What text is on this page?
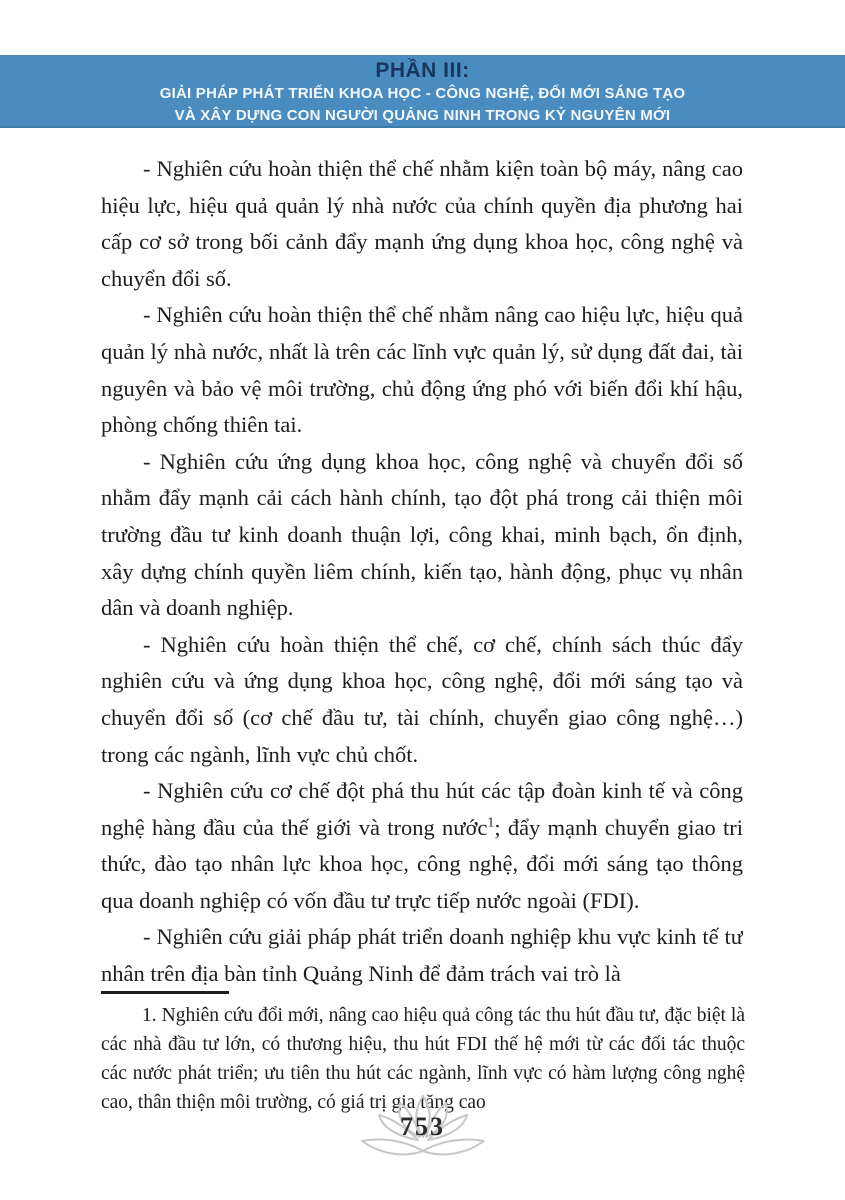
PHẦN III:
GIẢI PHÁP PHÁT TRIỂN KHOA HỌC - CÔNG NGHỆ, ĐỔI MỚI SÁNG TẠO
VÀ XÂY DỰNG CON NGƯỜI QUẢNG NINH TRONG KỶ NGUYÊN MỚI

- Nghiên cứu hoàn thiện thể chế nhằm kiện toàn bộ máy, nâng cao hiệu lực, hiệu quả quản lý nhà nước của chính quyền địa phương hai cấp cơ sở trong bối cảnh đẩy mạnh ứng dụng khoa học, công nghệ và chuyển đổi số.

- Nghiên cứu hoàn thiện thể chế nhằm nâng cao hiệu lực, hiệu quả quản lý nhà nước, nhất là trên các lĩnh vực quản lý, sử dụng đất đai, tài nguyên và bảo vệ môi trường, chủ động ứng phó với biến đổi khí hậu, phòng chống thiên tai.

- Nghiên cứu ứng dụng khoa học, công nghệ và chuyển đổi số nhằm đẩy mạnh cải cách hành chính, tạo đột phá trong cải thiện môi trường đầu tư kinh doanh thuận lợi, công khai, minh bạch, ổn định, xây dựng chính quyền liêm chính, kiến tạo, hành động, phục vụ nhân dân và doanh nghiệp.

- Nghiên cứu hoàn thiện thể chế, cơ chế, chính sách thúc đẩy nghiên cứu và ứng dụng khoa học, công nghệ, đổi mới sáng tạo và chuyển đổi số (cơ chế đầu tư, tài chính, chuyển giao công nghệ…) trong các ngành, lĩnh vực chủ chốt.

- Nghiên cứu cơ chế đột phá thu hút các tập đoàn kinh tế và công nghệ hàng đầu của thế giới và trong nước$^1$; đẩy mạnh chuyển giao tri thức, đào tạo nhân lực khoa học, công nghệ, đổi mới sáng tạo thông qua doanh nghiệp có vốn đầu tư trực tiếp nước ngoài (FDI).

- Nghiên cứu giải pháp phát triển doanh nghiệp khu vực kinh tế tư nhân trên địa bàn tỉnh Quảng Ninh để đảm trách vai trò là

1. Nghiên cứu đổi mới, nâng cao hiệu quả công tác thu hút đầu tư, đặc biệt là các nhà đầu tư lớn, có thương hiệu, thu hút FDI thế hệ mới từ các đối tác thuộc các nước phát triển; ưu tiên thu hút các ngành, lĩnh vực có hàm lượng công nghệ cao, thân thiện môi trường, có giá trị gia tăng cao

753
